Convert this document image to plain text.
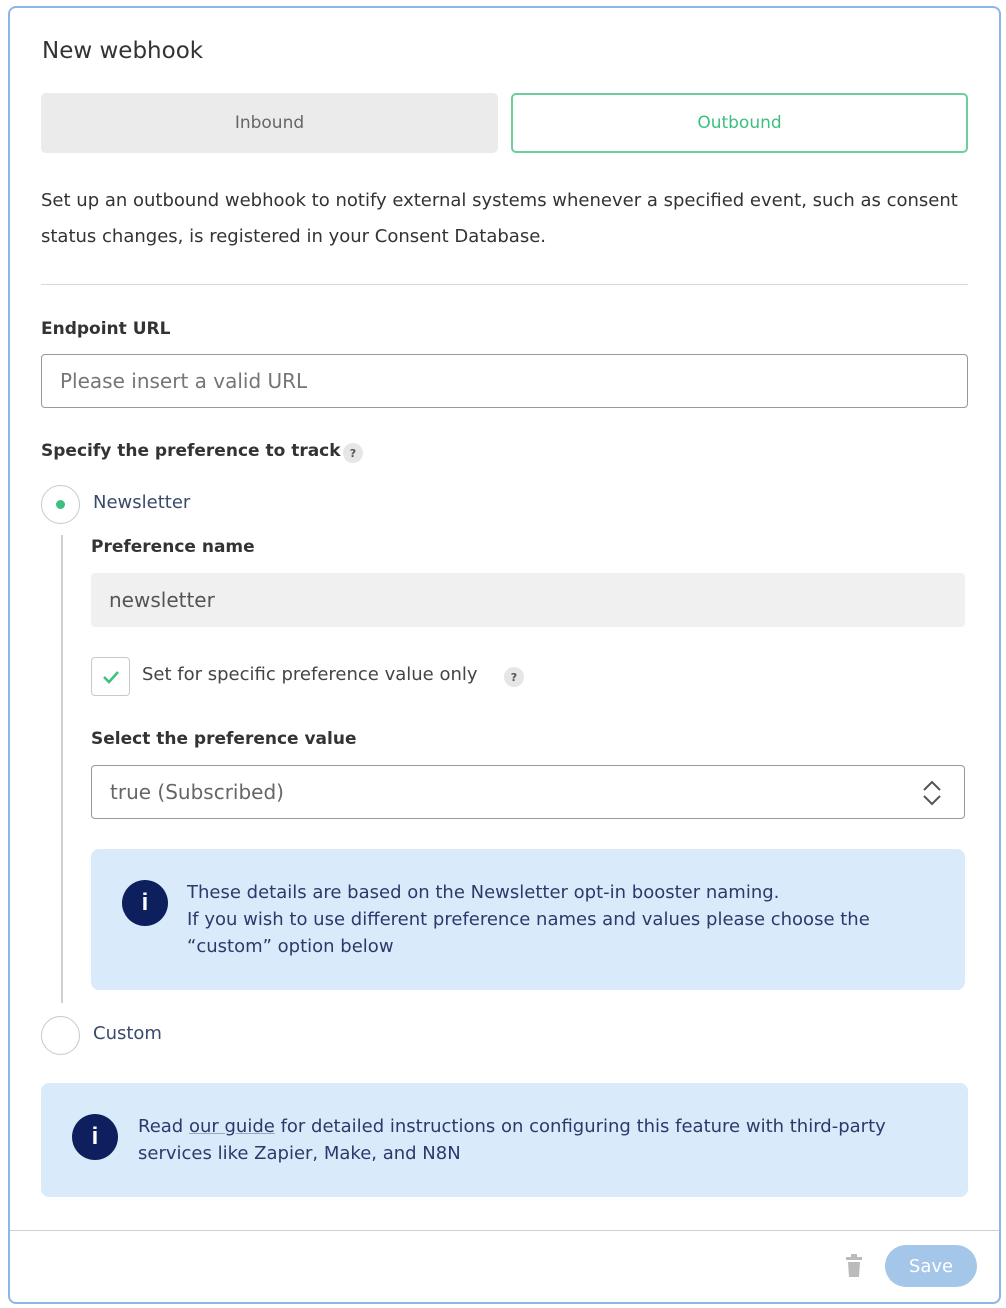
New webhook
Inbound	Outbound
Set up an outbound webhook to notify external systems whenever a specified event, such as consent status changes, is registered in your Consent Database.
Endpoint URL
Please insert a valid URL
Specify the preference to track ?
Newsletter
Preference name
newsletter
Set for specific preference value only	?
Select the preference value
true (Subscribed)
i	These details are based on the Newsletter opt-in booster naming.
If you wish to use different preference names and values please choose the
“custom” option below
Custom
i	Read our guide for detailed instructions on configuring this feature with third-party
services like Zapier, Make, and N8N
Save
